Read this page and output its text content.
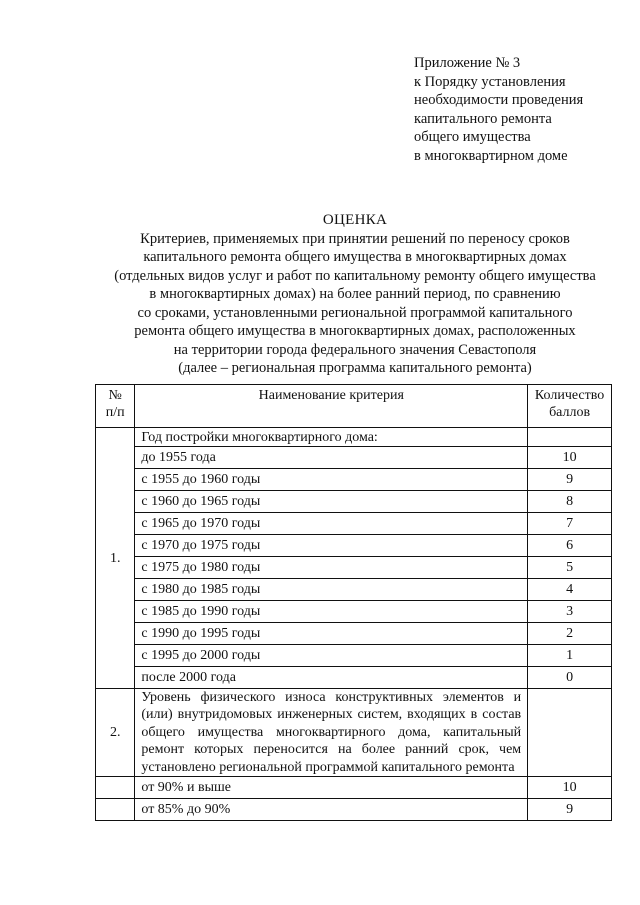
Приложение № 3
к Порядку установления
необходимости проведения
капитального ремонта
общего имущества
в многоквартирном доме
ОЦЕНКА
Критериев, применяемых при принятии решений по переносу сроков
капитального ремонта общего имущества в многоквартирных домах
(отдельных видов услуг и работ по капитальному ремонту общего имущества
в многоквартирных домах) на более ранний период, по сравнению
со сроками, установленными региональной программой капитального
ремонта общего имущества в многоквартирных домах, расположенных
на территории города федерального значения Севастополя
(далее – региональная программа капитального ремонта)
№ п/п	Наименование критерия	Количество баллов
1.	Год постройки многоквартирного дома:	
	до 1955 года	10
	с 1955 до 1960 годы	9
	с 1960 до 1965 годы	8
	с 1965 до 1970 годы	7
	с 1970 до 1975 годы	6
	с 1975 до 1980 годы	5
	с 1980 до 1985 годы	4
	с 1985 до 1990 годы	3
	с 1990 до 1995 годы	2
	с 1995 до 2000 годы	1
	после 2000 года	0
2.	Уровень физического износа конструктивных элементов и (или) внутридомовых инженерных систем, входящих в состав общего имущества многоквартирного дома, капитальный ремонт которых переносится на более ранний срок, чем установлено региональной программой капитального ремонта	
	от 90% и выше	10
	от 85% до 90%	9
